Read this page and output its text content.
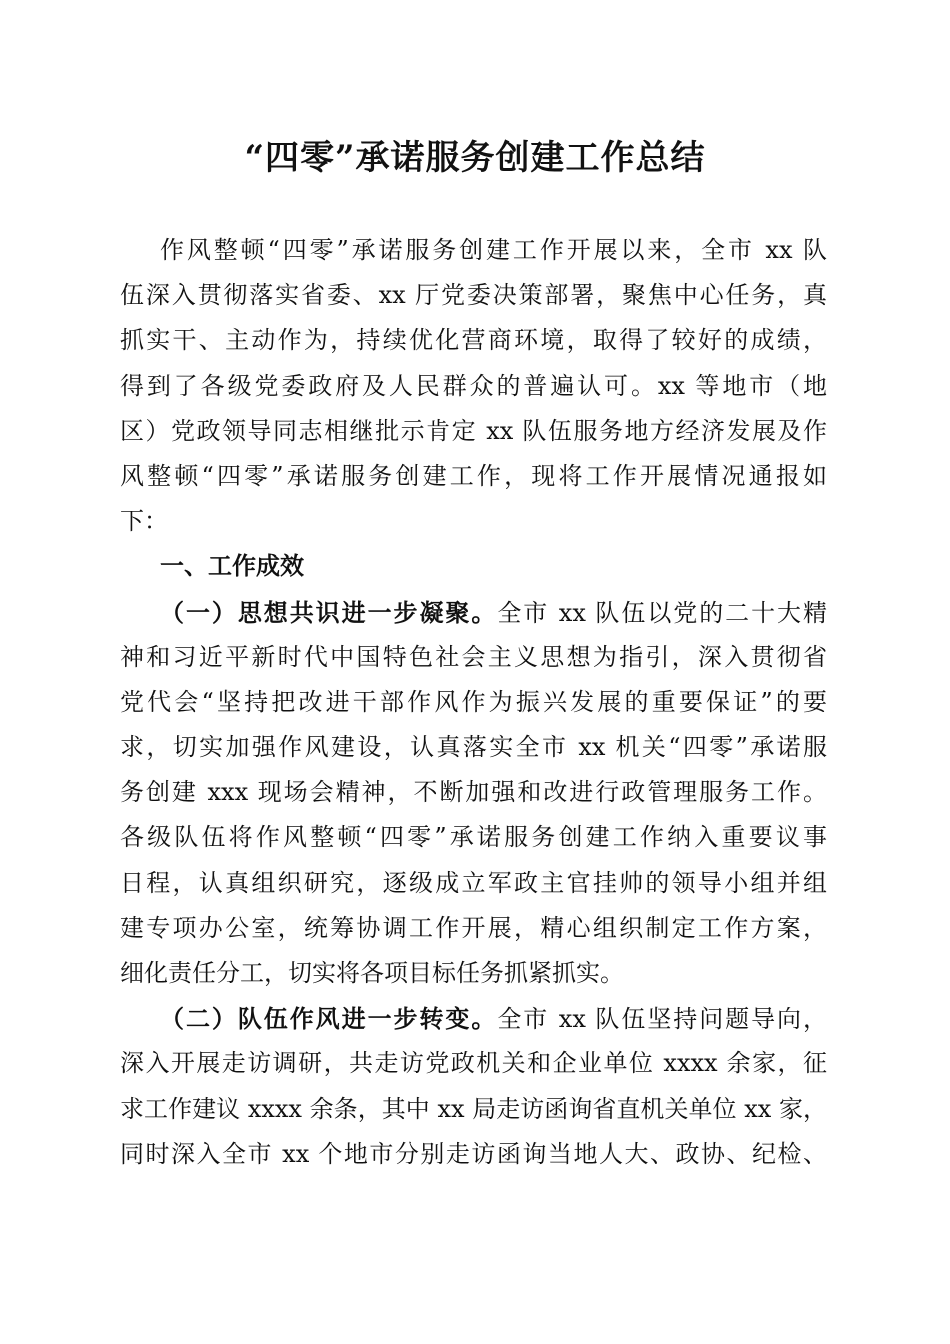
“四零”承诺服务创建工作总结
作风整顿“四零”承诺服务创建工作开展以来，全市 xx 队
伍深入贯彻落实省委、xx 厅党委决策部署，聚焦中心任务，真
抓实干、主动作为，持续优化营商环境，取得了较好的成绩，
得到了各级党委政府及人民群众的普遍认可。xx 等地市（地
区）党政领导同志相继批示肯定 xx 队伍服务地方经济发展及作
风整顿“四零”承诺服务创建工作，现将工作开展情况通报如
下：
一、工作成效
（一）思想共识进一步凝聚。全市 xx 队伍以党的二十大精
神和习近平新时代中国特色社会主义思想为指引，深入贯彻省
党代会“坚持把改进干部作风作为振兴发展的重要保证”的要
求，切实加强作风建设，认真落实全市 xx 机关“四零”承诺服
务创建 xxx 现场会精神，不断加强和改进行政管理服务工作。
各级队伍将作风整顿“四零”承诺服务创建工作纳入重要议事
日程，认真组织研究，逐级成立军政主官挂帅的领导小组并组
建专项办公室，统筹协调工作开展，精心组织制定工作方案，
细化责任分工，切实将各项目标任务抓紧抓实。
（二）队伍作风进一步转变。全市 xx 队伍坚持问题导向，
深入开展走访调研，共走访党政机关和企业单位 xxxx 余家，征
求工作建议 xxxx 余条，其中 xx 局走访函询省直机关单位 xx 家，
同时深入全市 xx 个地市分别走访函询当地人大、政协、纪检、
